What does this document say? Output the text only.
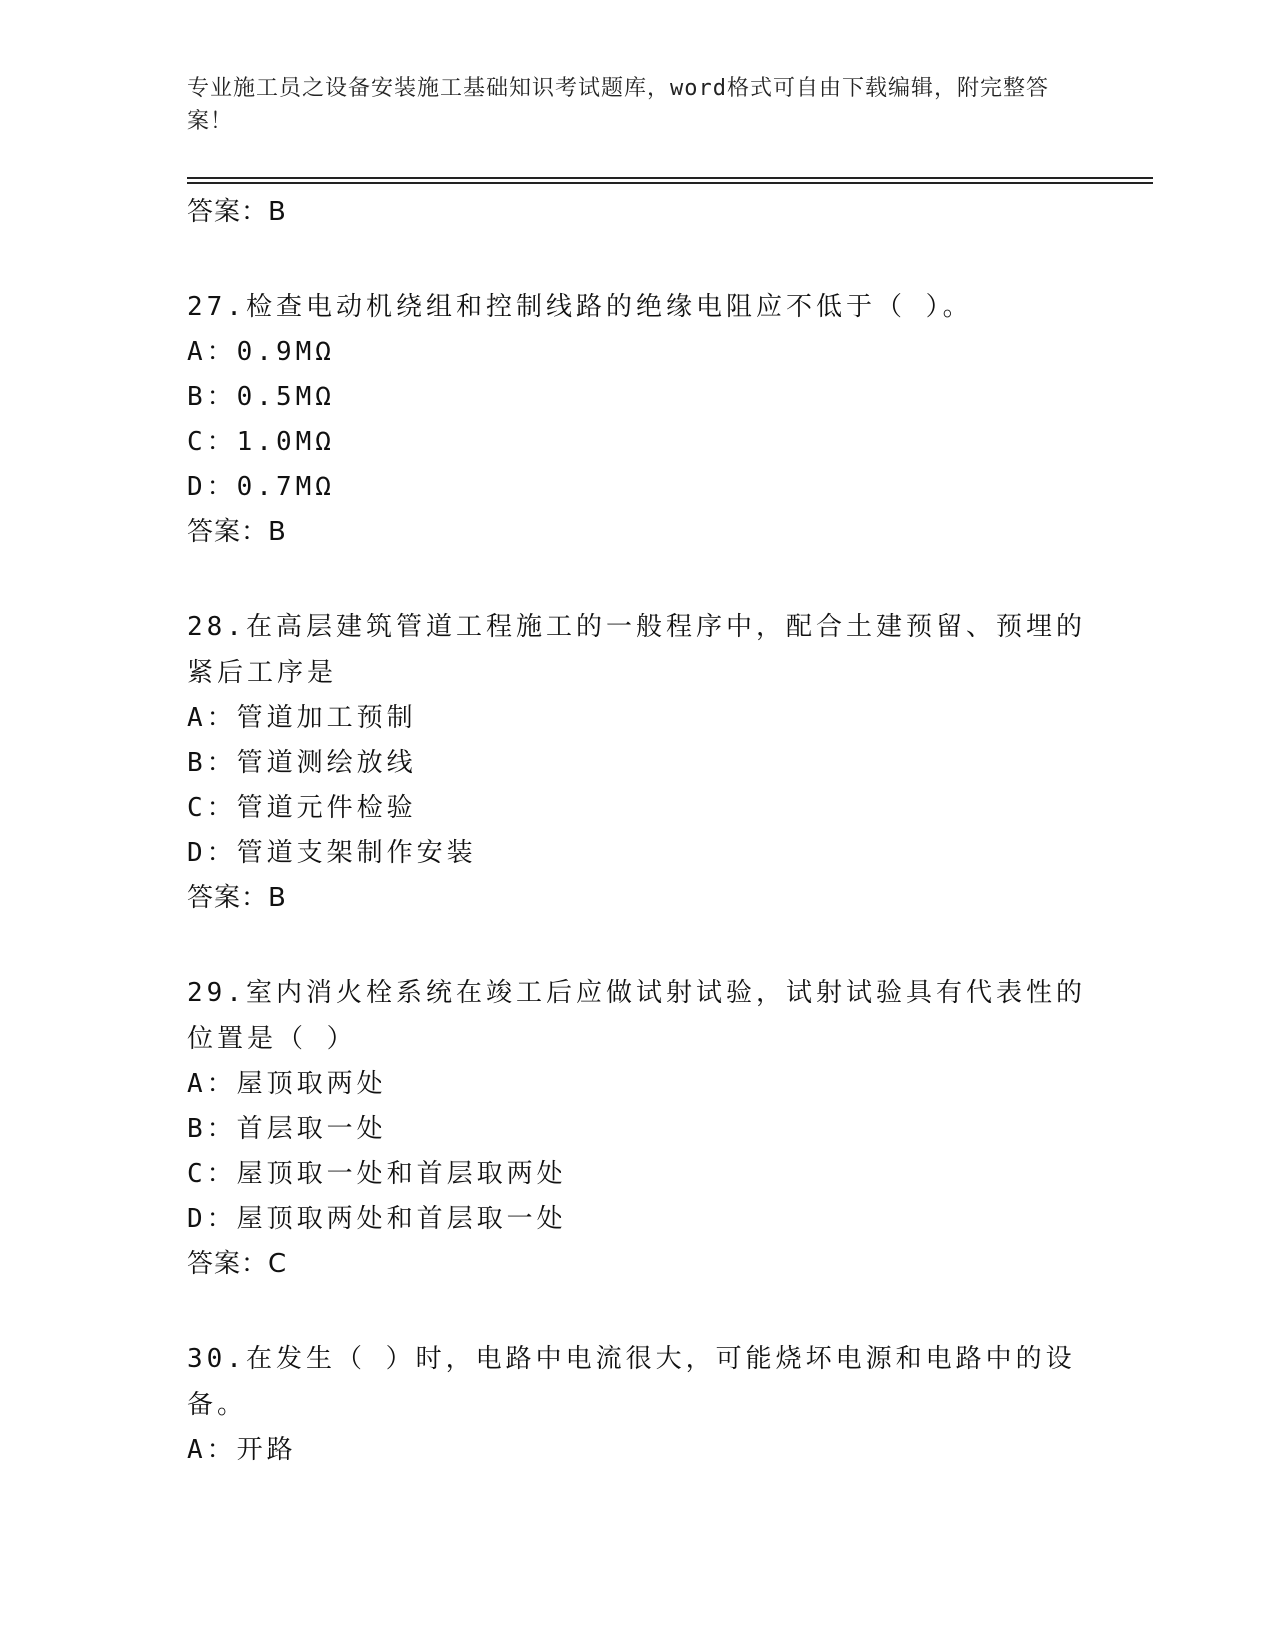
专业施工员之设备安装施工基础知识考试题库，word格式可自由下载编辑，附完整答案！
答案：B
27.检查电动机绕组和控制线路的绝缘电阻应不低于（ ）。
A：0.9MΩ
B：0.5MΩ
C：1.0MΩ
D：0.7MΩ
答案：B
28.在高层建筑管道工程施工的一般程序中，配合土建预留、预埋的紧后工序是
A：管道加工预制
B：管道测绘放线
C：管道元件检验
D：管道支架制作安装
答案：B
29.室内消火栓系统在竣工后应做试射试验，试射试验具有代表性的位置是（ ）
A：屋顶取两处
B：首层取一处
C：屋顶取一处和首层取两处
D：屋顶取两处和首层取一处
答案：C
30.在发生（ ）时，电路中电流很大，可能烧坏电源和电路中的设备。
A：开路
